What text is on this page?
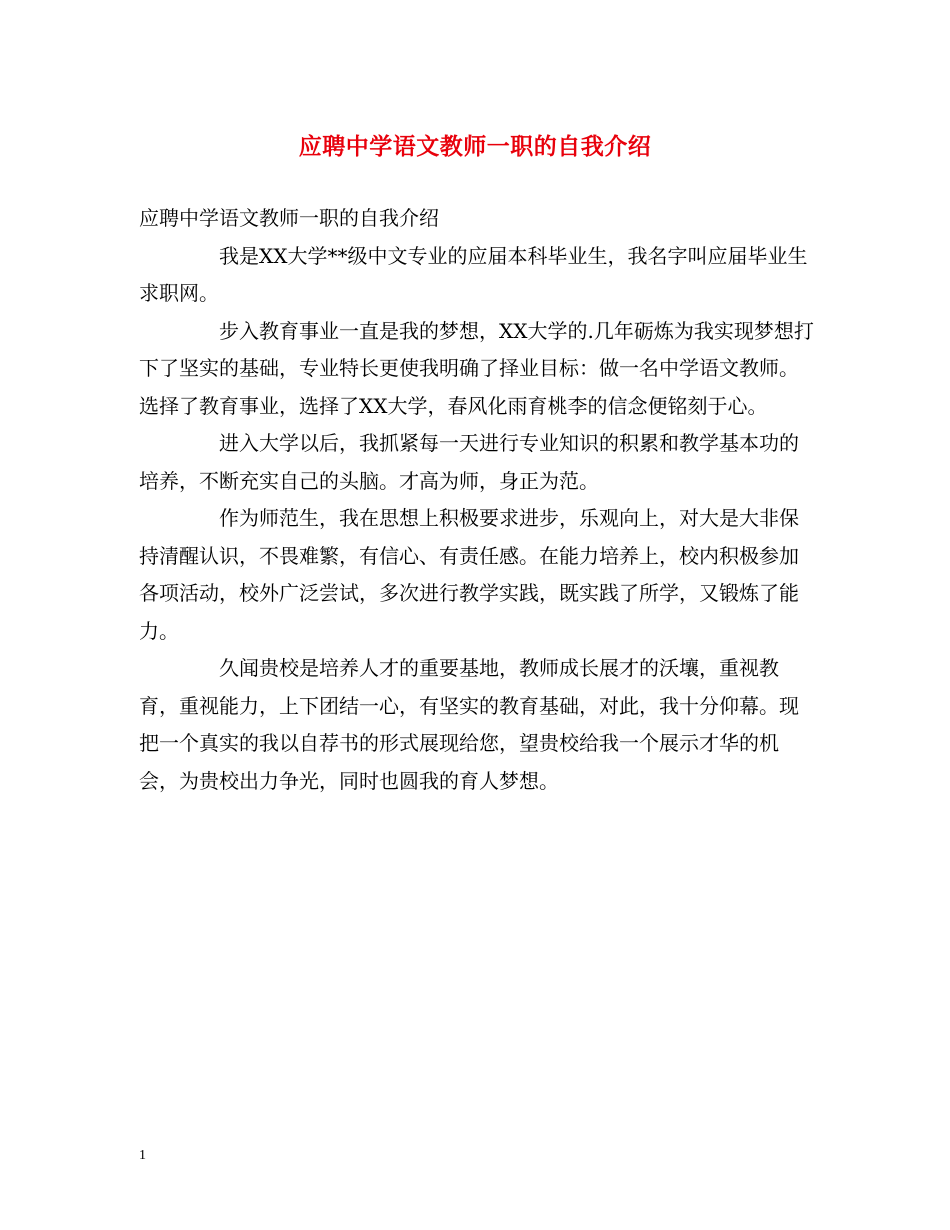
应聘中学语文教师一职的自我介绍

应聘中学语文教师一职的自我介绍

我是XX大学**级中文专业的应届本科毕业生，我名字叫应届毕业生求职网。

步入教育事业一直是我的梦想，XX大学的.几年砺炼为我实现梦想打下了坚实的基础，专业特长更使我明确了择业目标：做一名中学语文教师。选择了教育事业，选择了XX大学，春风化雨育桃李的信念便铭刻于心。

进入大学以后，我抓紧每一天进行专业知识的积累和教学基本功的培养，不断充实自己的头脑。才高为师，身正为范。

作为师范生，我在思想上积极要求进步，乐观向上，对大是大非保持清醒认识，不畏难繁，有信心、有责任感。在能力培养上，校内积极参加各项活动，校外广泛尝试，多次进行教学实践，既实践了所学，又锻炼了能力。

久闻贵校是培养人才的重要基地，教师成长展才的沃壤，重视教育，重视能力，上下团结一心，有坚实的教育基础，对此，我十分仰幕。现把一个真实的我以自荐书的形式展现给您，望贵校给我一个展示才华的机会，为贵校出力争光，同时也圆我的育人梦想。

1
